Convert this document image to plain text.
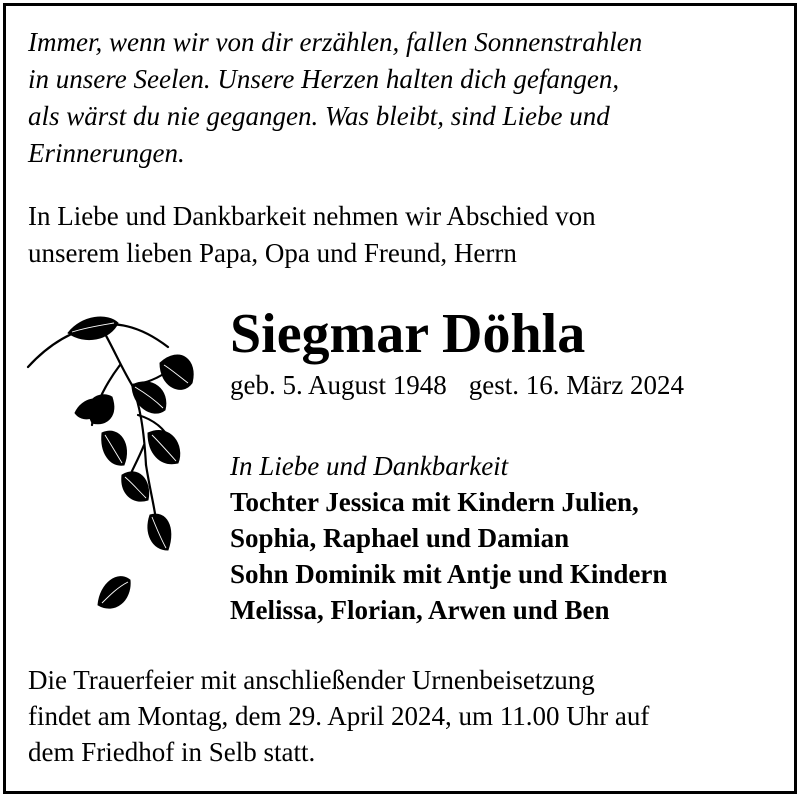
Immer, wenn wir von dir erzählen, fallen Sonnenstrahlen
in unsere Seelen. Unsere Herzen halten dich gefangen,
als wärst du nie gegangen. Was bleibt, sind Liebe und
Erinnerungen.
In Liebe und Dankbarkeit nehmen wir Abschied von
unserem lieben Papa, Opa und Freund, Herrn
Siegmar Döhla
geb. 5. August 1948 gest. 16. März 2024
In Liebe und Dankbarkeit
Tochter Jessica mit Kindern Julien,
Sophia, Raphael und Damian
Sohn Dominik mit Antje und Kindern
Melissa, Florian, Arwen und Ben
Die Trauerfeier mit anschließender Urnenbeisetzung
findet am Montag, dem 29. April 2024, um 11.00 Uhr auf
dem Friedhof in Selb statt.
